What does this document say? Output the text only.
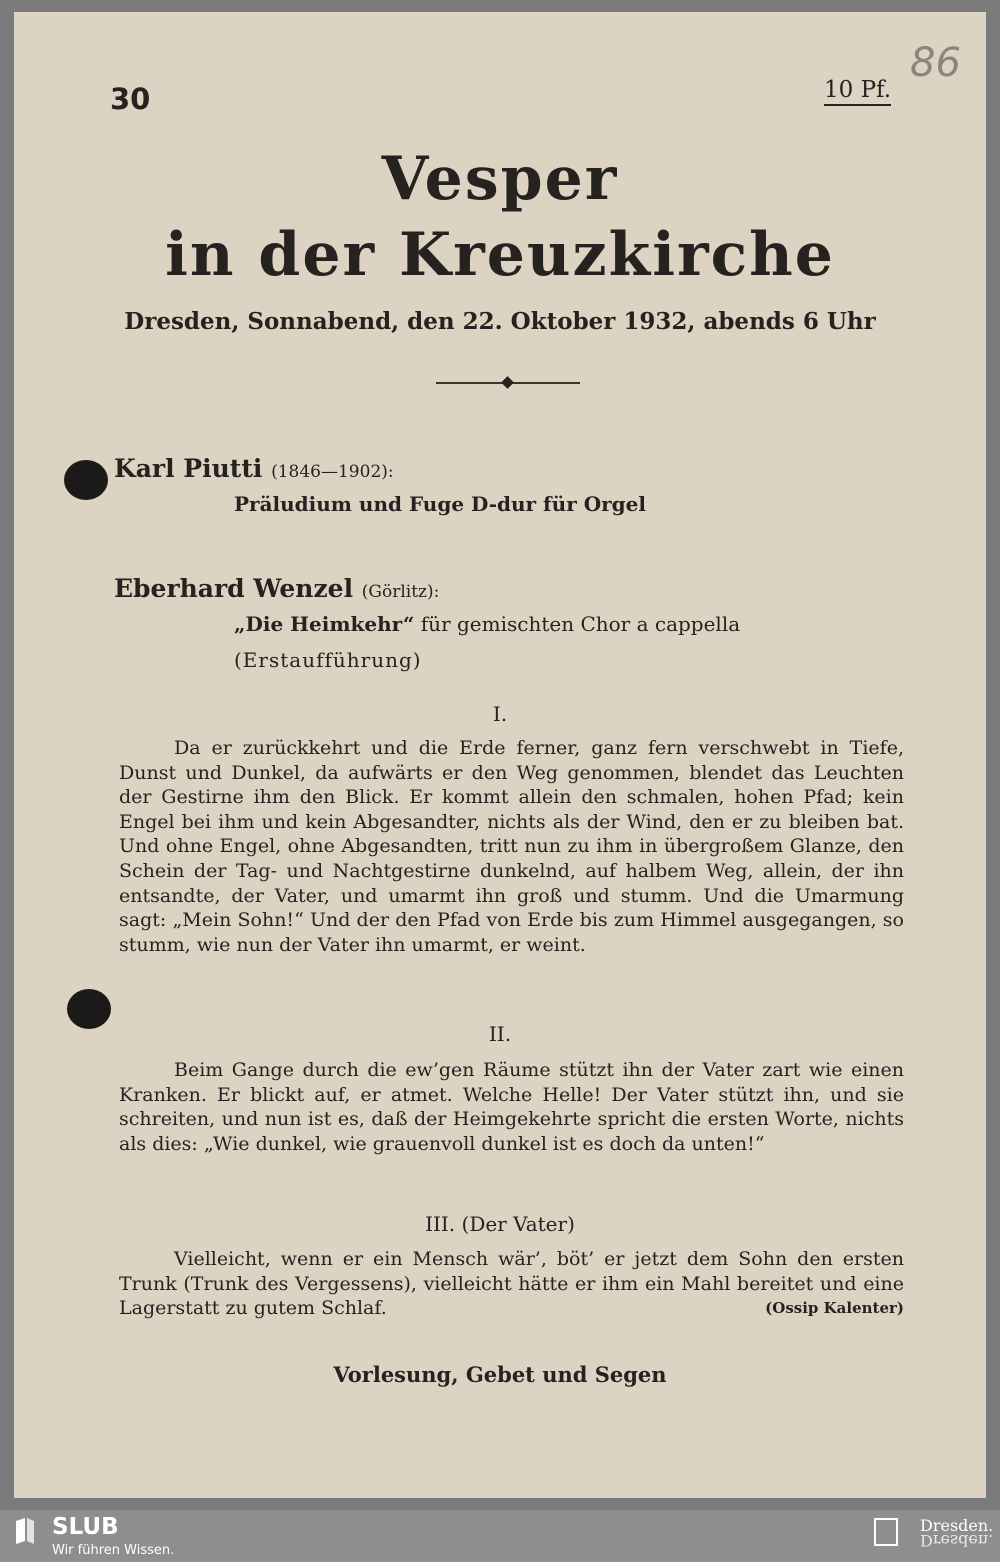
30	10 Pf.
86
Vesper
in der Kreuzkirche
Dresden, Sonnabend, den 22. Oktober 1932, abends 6 Uhr
Karl Piutti (1846—1902):
Präludium und Fuge D-dur für Orgel
Eberhard Wenzel (Görlitz):
„Die Heimkehr“ für gemischten Chor a cappella
(Erstaufführung)
I.
Da er zurückkehrt und die Erde ferner, ganz fern verschwebt in Tiefe, Dunst und Dunkel, da aufwärts er den Weg genommen, blendet das Leuchten der Gestirne ihm den Blick. Er kommt allein den schmalen, hohen Pfad; kein Engel bei ihm und kein Abgesandter, nichts als der Wind, den er zu bleiben bat. Und ohne Engel, ohne Abgesandten, tritt nun zu ihm in übergroßem Glanze, den Schein der Tag- und Nachtgestirne dunkelnd, auf halbem Weg, allein, der ihn entsandte, der Vater, und umarmt ihn groß und stumm. Und die Umarmung sagt: „Mein Sohn!“ Und der den Pfad von Erde bis zum Himmel ausgegangen, so stumm, wie nun der Vater ihn umarmt, er weint.
II.
Beim Gange durch die ew’gen Räume stützt ihn der Vater zart wie einen Kranken. Er blickt auf, er atmet. Welche Helle! Der Vater stützt ihn, und sie schreiten, und nun ist es, daß der Heimgekehrte spricht die ersten Worte, nichts als dies: „Wie dunkel, wie grauenvoll dunkel ist es doch da unten!“
III. (Der Vater)
Vielleicht, wenn er ein Mensch wär’, böt’ er jetzt dem Sohn den ersten Trunk (Trunk des Vergessens), vielleicht hätte er ihm ein Mahl bereitet und eine Lagerstatt zu gutem Schlaf.	(Ossip Kalenter)
Vorlesung, Gebet und Segen
SLUB
Wir führen Wissen.
Dresden.
Dresden.
